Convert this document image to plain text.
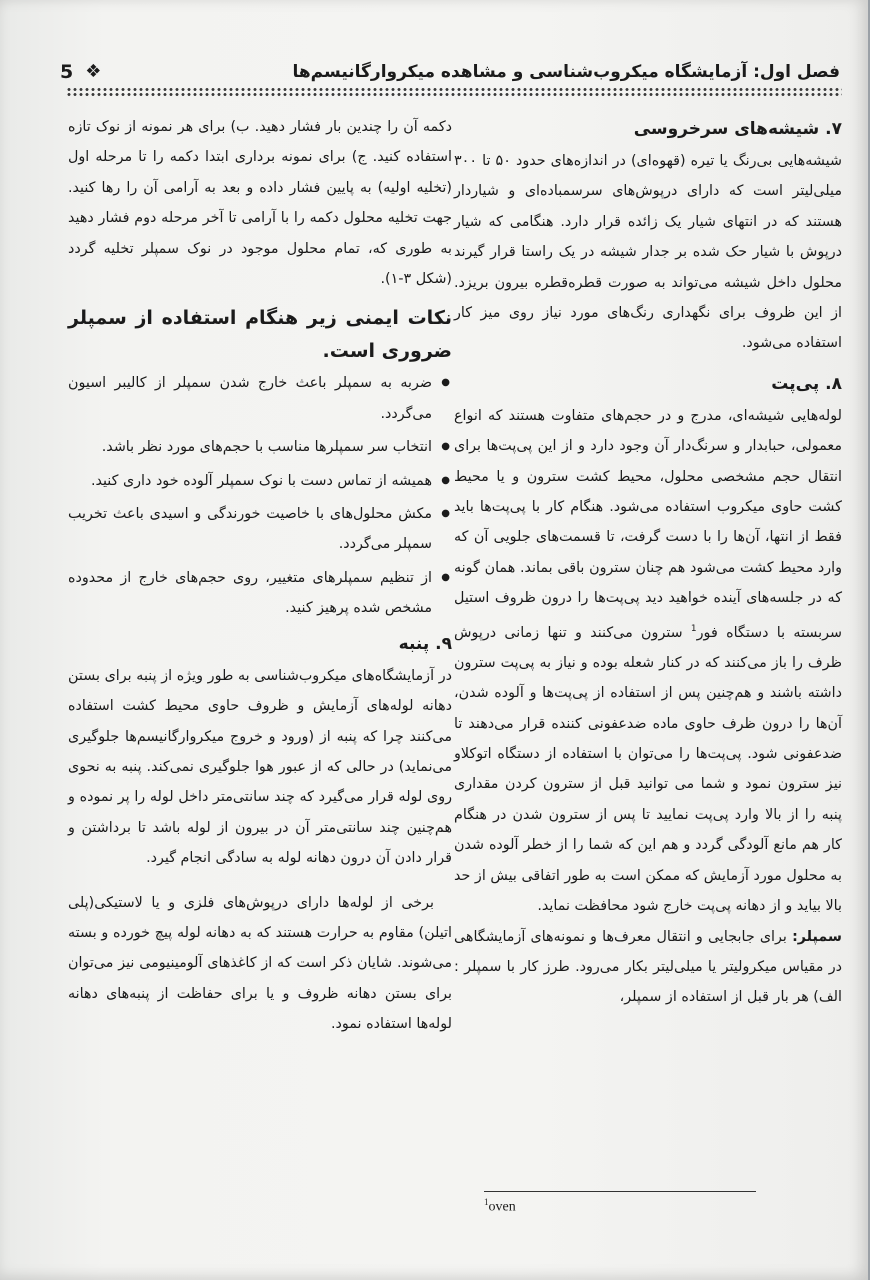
فصل اول: آزمایشگاه میکروب‌شناسی و مشاهده میکروارگانیسم‌ها
5 ❖

۷. شیشه‌های سرخروسی

شیشه‌هایی بی‌رنگ یا تیره (قهوه‌ای) در اندازه‌های حدود ۵۰ تا ۳۰۰ میلی‌لیتر است که دارای درپوش‌های سرسمباده‌ای و شیاردار هستند که در انتهای شیار یک زائده قرار دارد. هنگامی که شیار درپوش با شیار حک شده بر جدار شیشه در یک راستا قرار گیرند محلول داخل شیشه می‌تواند به صورت قطره‌قطره بیرون بریزد. از این ظروف برای نگهداری رنگ‌های مورد نیاز روی میز کار استفاده می‌شود.

۸. پی‌پت

لوله‌هایی شیشه‌ای، مدرج و در حجم‌های متفاوت هستند که انواع معمولی، حبابدار و سرنگ‌دار آن وجود دارد و از این پی‌پت‌ها برای انتقال حجم مشخصی محلول، محیط کشت سترون و یا محیط کشت حاوی میکروب استفاده می‌شود. هنگام کار با پی‌پت‌ها باید فقط از انتها، آن‌ها را با دست گرفت، تا قسمت‌های جلویی آن که وارد محیط کشت می‌شود هم چنان سترون باقی بماند. همان گونه که در جلسه‌های آینده خواهید دید پی‌پت‌ها را درون ظروف استیل سربسته با دستگاه فور$^1$ سترون می‌کنند و تنها زمانی درپوش ظرف را باز می‌کنند که در کنار شعله بوده و نیاز به پی‌پت سترون داشته باشند و هم‌چنین پس از استفاده از پی‌پت‌ها و آلوده شدن، آن‌ها را درون ظرف حاوی ماده ضدعفونی کننده قرار می‌دهند تا ضدعفونی شود. پی‌پت‌ها را می‌توان با استفاده از دستگاه اتوکلاو نیز سترون نمود و شما می توانید قبل از سترون کردن مقداری پنبه را از بالا وارد پی‌پت نمایید تا پس از سترون شدن در هنگام کار هم مانع آلودگی گردد و هم این که شما را از خطر آلوده شدن به محلول مورد آزمایش که ممکن است به طور اتفاقی بیش از حد بالا بیاید و از دهانه پی‌پت خارج شود محافظت نماید.

سمپلر: برای جابجایی و انتقال معرف‌ها و نمونه‌های آزمایشگاهی در مقیاس میکرولیتر یا میلی‌لیتر بکار می‌رود. طرز کار با سمپلر : الف) هر بار قبل از استفاده از سمپلر،

دکمه آن را چندین بار فشار دهید. ب) برای هر نمونه از نوک تازه استفاده کنید. ج) برای نمونه برداری ابتدا دکمه را تا مرحله اول (تخلیه اولیه) به پایین فشار داده و بعد به آرامی آن را رها کنید. جهت تخلیه محلول دکمه را با آرامی تا آخر مرحله دوم فشار دهید به طوری که، تمام محلول موجود در نوک سمپلر تخلیه گردد (شکل ۳-۱).

نکات ایمنی زیر هنگام استفاده از سمپلر ضروری است.

● ضربه به سمپلر باعث خارج شدن سمپلر از کالیبر اسیون می‌گردد.
● انتخاب سر سمپلرها مناسب با حجم‌های مورد نظر باشد.
● همیشه از تماس دست با نوک سمپلر آلوده خود داری کنید.
● مکش محلول‌های با خاصیت خورندگی و اسیدی باعث تخریب سمپلر می‌گردد.
● از تنظیم سمپلرهای متغییر، روی حجم‌های خارج از محدوده مشخص شده پرهیز کنید.

۹. پنبه

در آزمایشگاه‌های میکروب‌شناسی به طور ویژه از پنبه برای بستن دهانه لوله‌های آزمایش و ظروف حاوی محیط کشت استفاده می‌کنند چرا که پنبه از (ورود و خروج میکروارگانیسم‌ها جلوگیری می‌نماید) در حالی که از عبور هوا جلوگیری نمی‌کند. پنبه به نحوی روی لوله قرار می‌گیرد که چند سانتی‌متر داخل لوله را پر نموده و هم‌چنین چند سانتی‌متر آن در بیرون از لوله باشد تا برداشتن و قرار دادن آن درون دهانه لوله به سادگی انجام گیرد.

برخی از لوله‌ها دارای درپوش‌های فلزی و یا لاستیکی(پلی اتیلن) مقاوم به حرارت هستند که به دهانه لوله پیچ خورده و بسته می‌شوند. شایان ذکر است که از کاغذهای آلومینیومی نیز می‌توان برای بستن دهانه ظروف و یا برای حفاظت از پنبه‌های دهانه لوله‌ها استفاده نمود.

$^1$oven
